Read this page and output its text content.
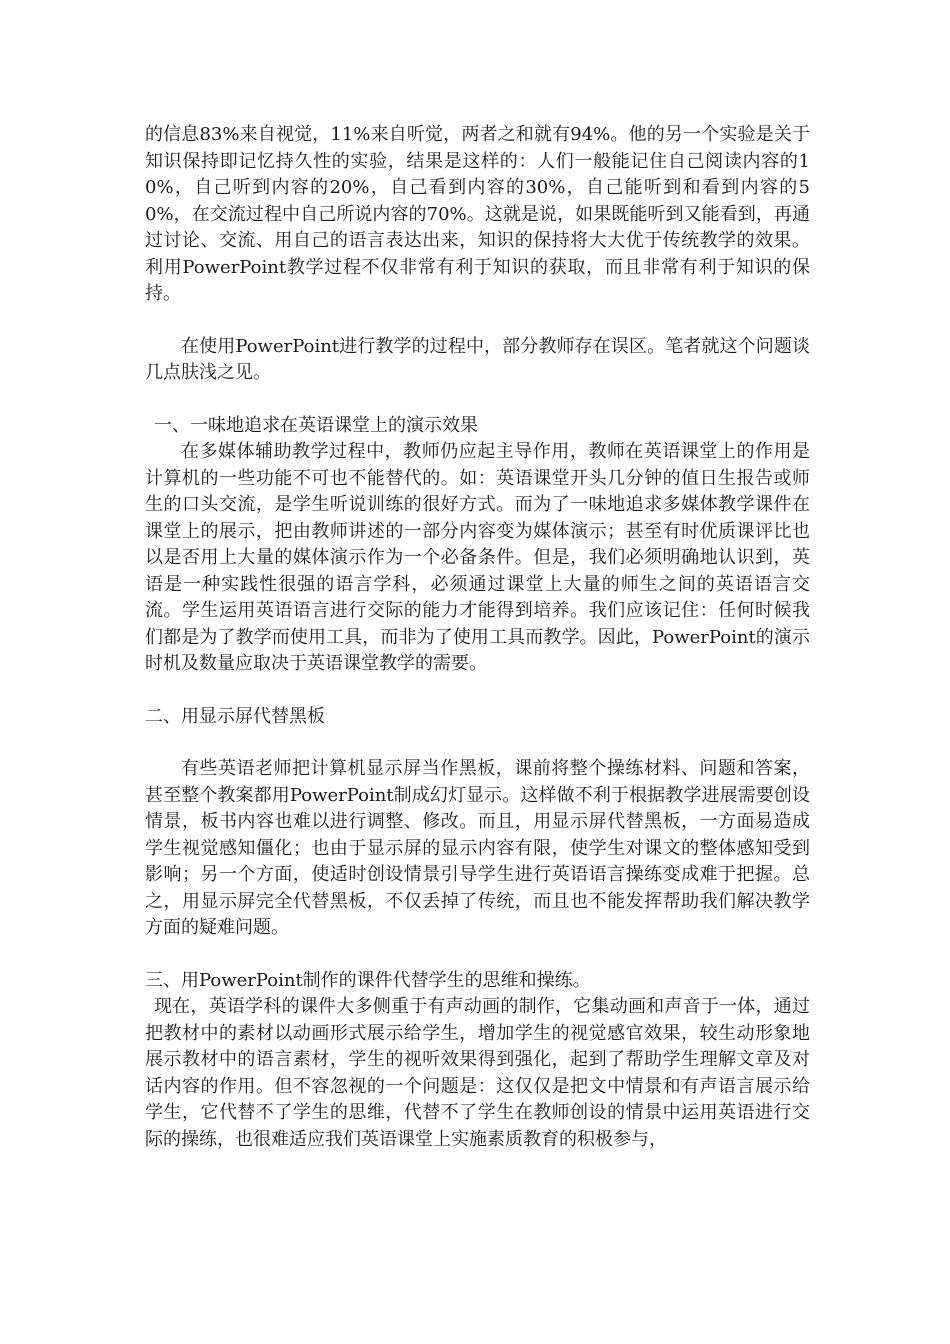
的信息83%来自视觉，11%来自听觉，两者之和就有94%。他的另一个实验是关于知识保持即记忆持久性的实验，结果是这样的：人们一般能记住自己阅读内容的10%，自己听到内容的20%，自己看到内容的30%，自己能听到和看到内容的50%，在交流过程中自己所说内容的70%。这就是说，如果既能听到又能看到，再通过讨论、交流、用自己的语言表达出来，知识的保持将大大优于传统教学的效果。利用PowerPoint教学过程不仅非常有利于知识的获取，而且非常有利于知识的保持。

在使用PowerPoint进行教学的过程中，部分教师存在误区。笔者就这个问题谈几点肤浅之见。

一、一味地追求在英语课堂上的演示效果

在多媒体辅助教学过程中，教师仍应起主导作用，教师在英语课堂上的作用是计算机的一些功能不可也不能替代的。如：英语课堂开头几分钟的值日生报告或师生的口头交流，是学生听说训练的很好方式。而为了一味地追求多媒体教学课件在课堂上的展示，把由教师讲述的一部分内容变为媒体演示；甚至有时优质课评比也以是否用上大量的媒体演示作为一个必备条件。但是，我们必须明确地认识到，英语是一种实践性很强的语言学科，必须通过课堂上大量的师生之间的英语语言交流。学生运用英语语言进行交际的能力才能得到培养。我们应该记住：任何时候我们都是为了教学而使用工具，而非为了使用工具而教学。因此，PowerPoint的演示时机及数量应取决于英语课堂教学的需要。

二、用显示屏代替黑板

有些英语老师把计算机显示屏当作黑板，课前将整个操练材料、问题和答案，甚至整个教案都用PowerPoint制成幻灯显示。这样做不利于根据教学进展需要创设情景，板书内容也难以进行调整、修改。而且，用显示屏代替黑板，一方面易造成学生视觉感知僵化；也由于显示屏的显示内容有限，使学生对课文的整体感知受到影响；另一个方面，使适时创设情景引导学生进行英语语言操练变成难于把握。总之，用显示屏完全代替黑板，不仅丢掉了传统，而且也不能发挥帮助我们解决教学方面的疑难问题。

三、用PowerPoint制作的课件代替学生的思维和操练。

现在，英语学科的课件大多侧重于有声动画的制作，它集动画和声音于一体，通过把教材中的素材以动画形式展示给学生，增加学生的视觉感官效果，较生动形象地展示教材中的语言素材，学生的视听效果得到强化，起到了帮助学生理解文章及对话内容的作用。但不容忽视的一个问题是：这仅仅是把文中情景和有声语言展示给学生，它代替不了学生的思维，代替不了学生在教师创设的情景中运用英语进行交际的操练，也很难适应我们英语课堂上实施素质教育的积极参与，
